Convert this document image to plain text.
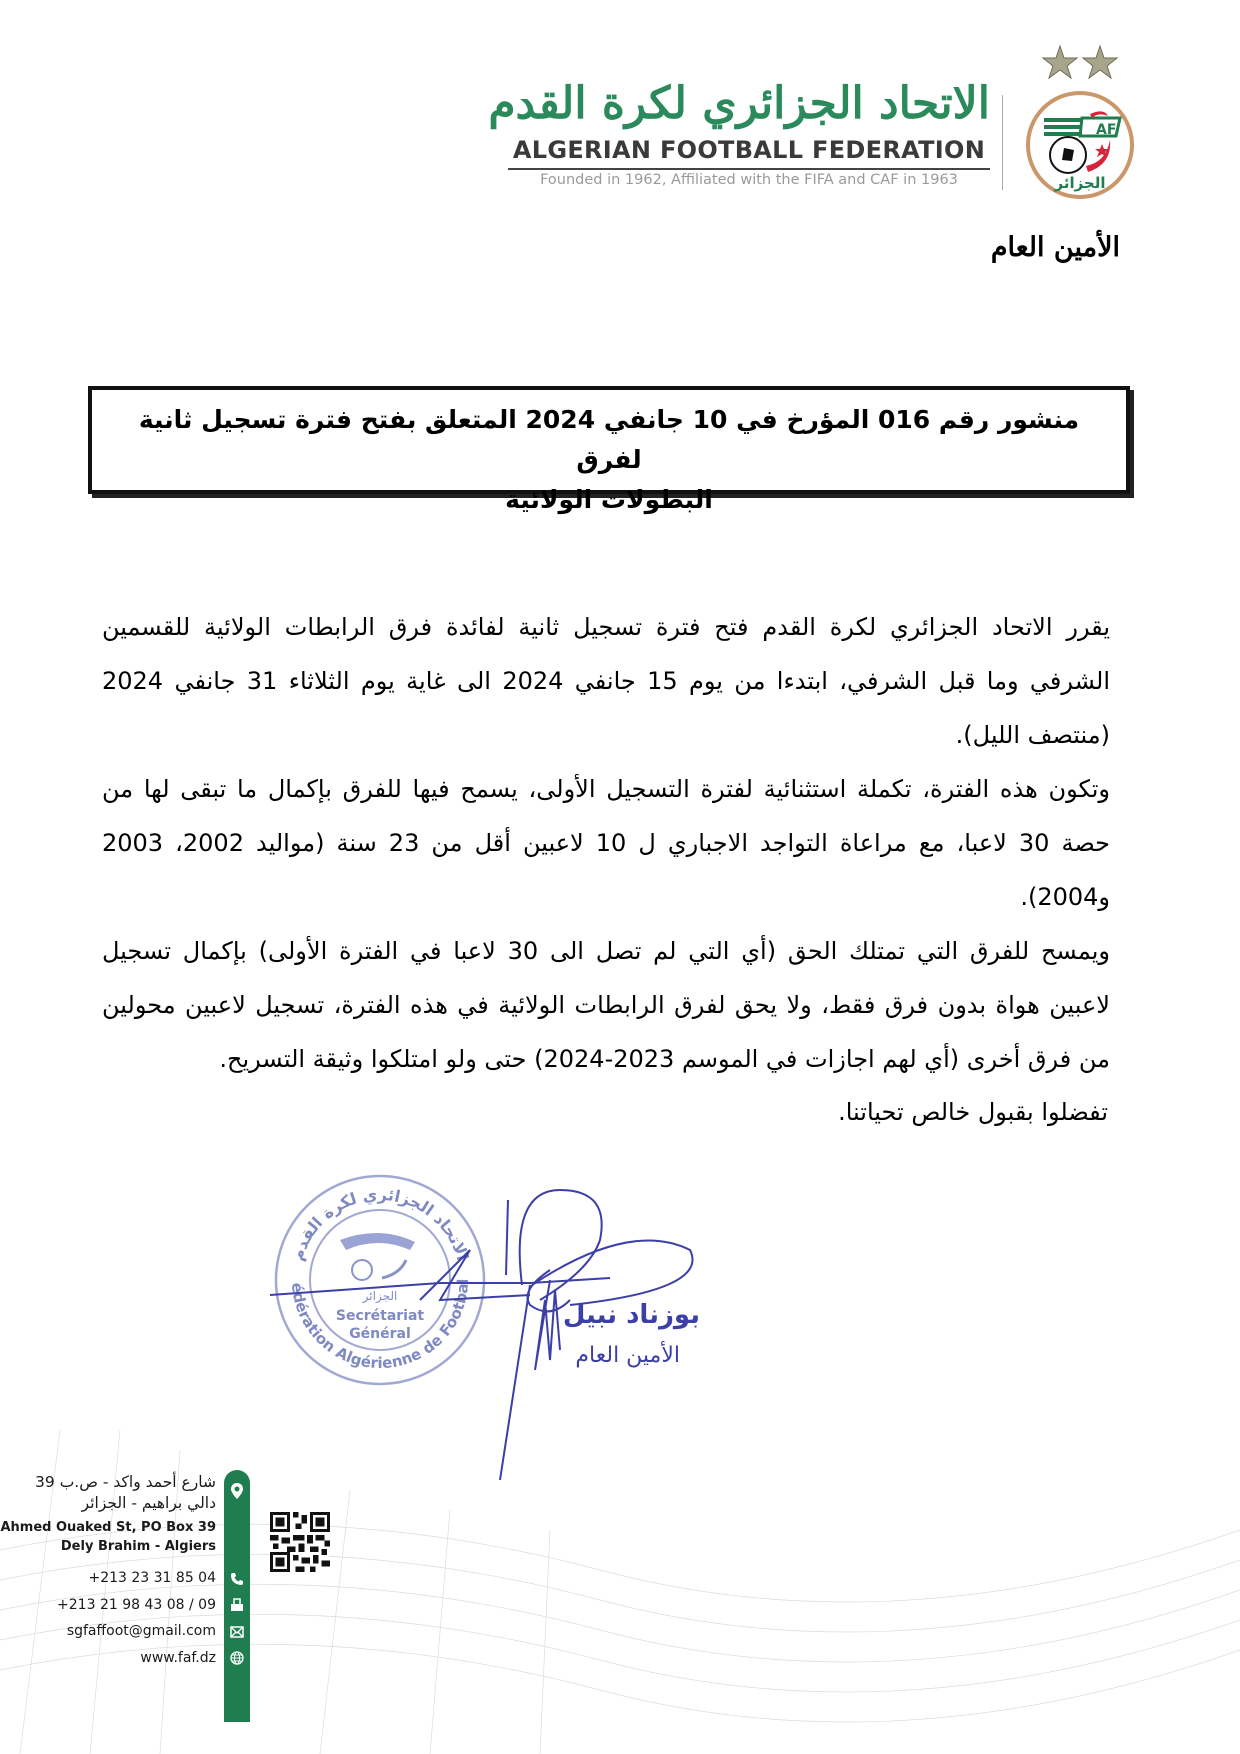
الاتحاد الجزائري لكرة القدم
ALGERIAN FOOTBALL FEDERATION
Founded in 1962, Affiliated with the FIFA and CAF in 1963
AF
الجزائر
الأمين العام
منشور رقم 016 المؤرخ في 10 جانفي 2024 المتعلق بفتح فترة تسجيل ثانية لفرق
البطولات الولائية

يقرر الاتحاد الجزائري لكرة القدم فتح فترة تسجيل ثانية لفائدة فرق الرابطات الولائية للقسمين الشرفي وما قبل الشرفي، ابتدءا من يوم 15 جانفي 2024 الى غاية يوم الثلاثاء 31 جانفي 2024 (منتصف الليل).

وتكون هذه الفترة، تكملة استثنائية لفترة التسجيل الأولى، يسمح فيها للفرق بإكمال ما تبقى لها من حصة 30 لاعبا، مع مراعاة التواجد الاجباري ل 10 لاعبين أقل من 23 سنة (مواليد 2002، 2003 و2004).

ويمسح للفرق التي تمتلك الحق (أي التي لم تصل الى 30 لاعبا في الفترة الأولى) بإكمال تسجيل لاعبين هواة بدون فرق فقط، ولا يحق لفرق الرابطات الولائية في هذه الفترة، تسجيل لاعبين محولين من فرق أخرى (أي لهم اجازات في الموسم 2023-2024) حتى ولو امتلكوا وثيقة التسريح.

تفضلوا بقبول خالص تحياتنا.
الاتحاد الجزائري لكرة القدم
édération Algérienne de Footbal
الجزائر
Secrétariat
Général
بوزناد نبيل
الأمين العام
شارع أحمد واكد - ص.ب 39
دالي براهيم - الجزائر
Ahmed Ouaked St, PO Box 39
Dely Brahim - Algiers
+213 23 31 85 04
+213 21 98 43 08 / 09
sgfaffoot@gmail.com
www.faf.dz
